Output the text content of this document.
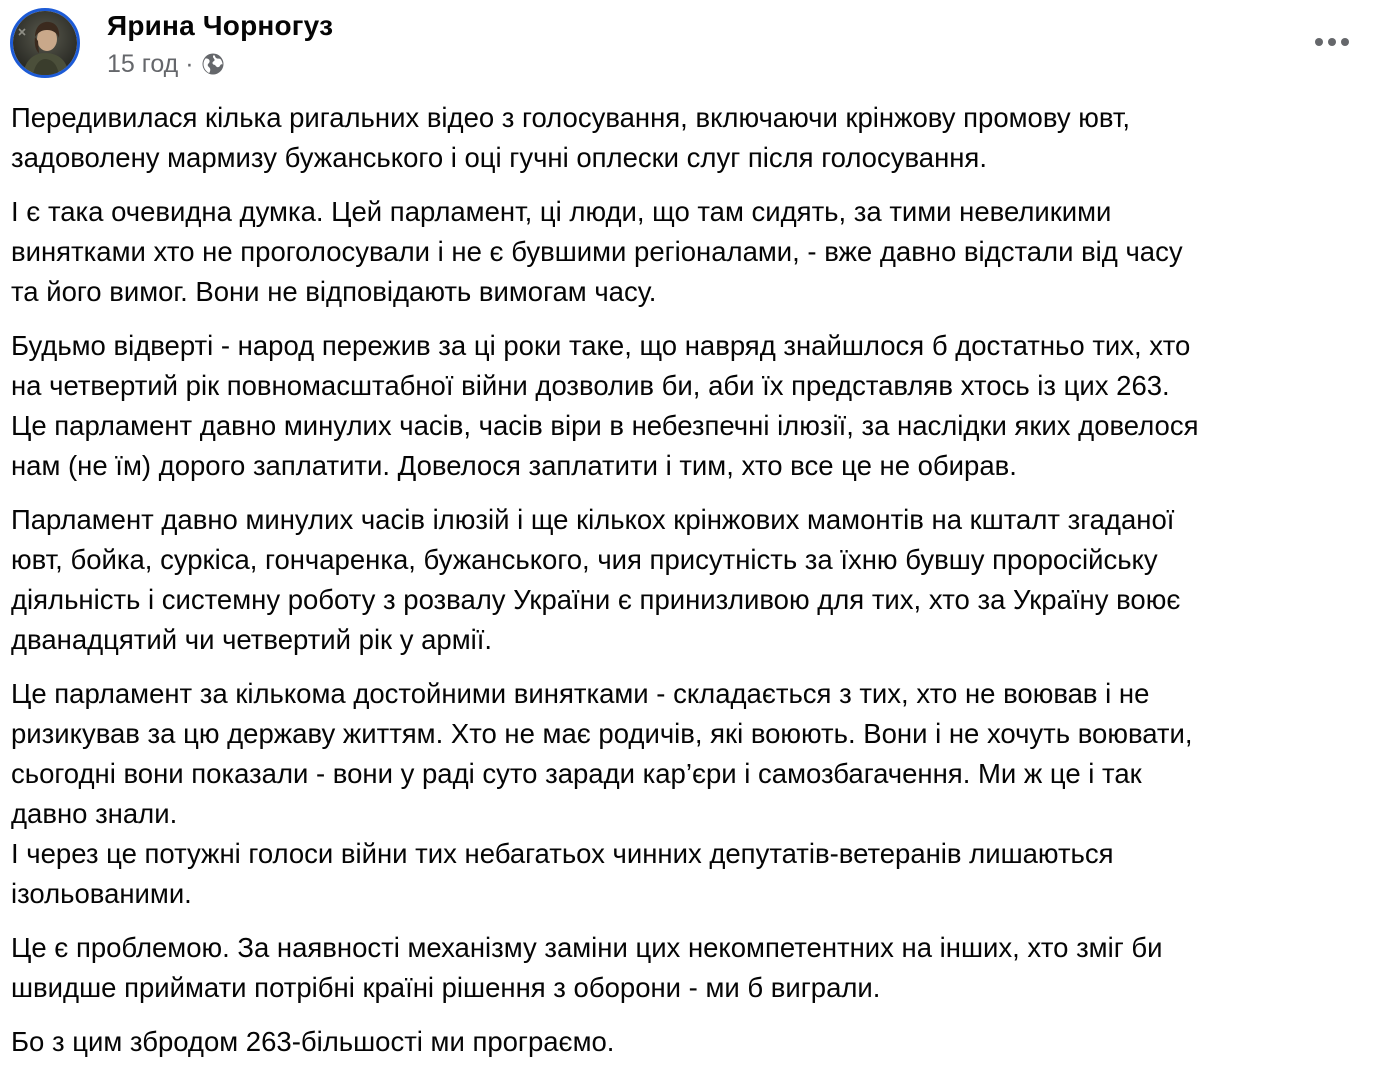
Ярина Чорногуз
15 год ·

Передивилася кілька ригальних відео з голосування, включаючи крінжову промову ювт,
задоволену мармизу бужанського і оці гучні оплески слуг після голосування.

І є така очевидна думка. Цей парламент, ці люди, що там сидять, за тими невеликими
винятками хто не проголосували і не є бувшими регіоналами, - вже давно відстали від часу
та його вимог. Вони не відповідають вимогам часу.

Будьмо відверті - народ пережив за ці роки таке, що навряд знайшлося б достатньо тих, хто
на четвертий рік повномасштабної війни дозволив би, аби їх представляв хтось із цих 263.
Це парламент давно минулих часів, часів віри в небезпечні ілюзії, за наслідки яких довелося
нам (не їм) дорого заплатити. Довелося заплатити і тим, хто все це не обирав.

Парламент давно минулих часів ілюзій і ще кількох крінжових мамонтів на кшталт згаданої
ювт, бойка, суркіса, гончаренка, бужанського, чия присутність за їхню бувшу проросійську
діяльність і системну роботу з розвалу України є принизливою для тих, хто за Україну воює
дванадцятий чи четвертий рік у армії.

Це парламент за кількома достойними винятками - складається з тих, хто не воював і не
ризикував за цю державу життям. Хто не має родичів, які воюють. Вони і не хочуть воювати,
сьогодні вони показали - вони у раді суто заради кар’єри і самозбагачення. Ми ж це і так
давно знали.
І через це потужні голоси війни тих небагатьох чинних депутатів-ветеранів лишаються
ізольованими.

Це є проблемою. За наявності механізму заміни цих некомпетентних на інших, хто зміг би
швидше приймати потрібні країні рішення з оборони - ми б виграли.

Бо з цим збродом 263-більшості ми програємо.
